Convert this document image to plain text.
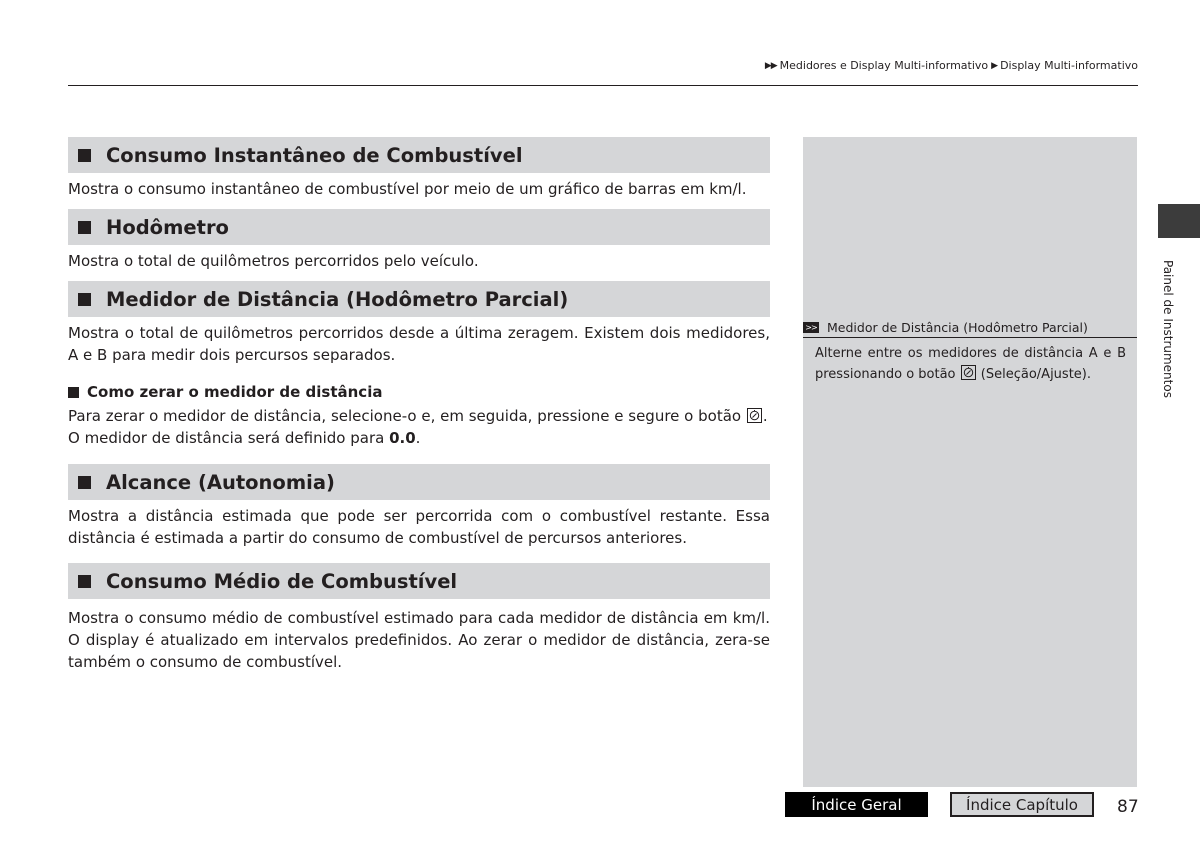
▶▶ Medidores e Display Multi-informativo ▶ Display Multi-informativo
Consumo Instantâneo de Combustível

Mostra o consumo instantâneo de combustível por meio de um gráfico de barras em km/l.

Hodômetro

Mostra o total de quilômetros percorridos pelo veículo.

Medidor de Distância (Hodômetro Parcial)

Mostra o total de quilômetros percorridos desde a última zeragem. Existem dois medidores, A e B para medir dois percursos separados.

Como zerar o medidor de distância

Para zerar o medidor de distância, selecione-o e, em seguida, pressione e segure o botão .
O medidor de distância será definido para 0.0.

Alcance (Autonomia)

Mostra a distância estimada que pode ser percorrida com o combustível restante. Essa distância é estimada a partir do consumo de combustível de percursos anteriores.

Consumo Médio de Combustível

Mostra o consumo médio de combustível estimado para cada medidor de distância em km/l. O display é atualizado em intervalos predefinidos. Ao zerar o medidor de distância, zera-se também o consumo de combustível.

>> Medidor de Distância (Hodômetro Parcial)
Alterne entre os medidores de distância A e B pressionando o botão (Seleção/Ajuste).	Painel de Instrumentos
Índice Geral	Índice Capítulo	87
